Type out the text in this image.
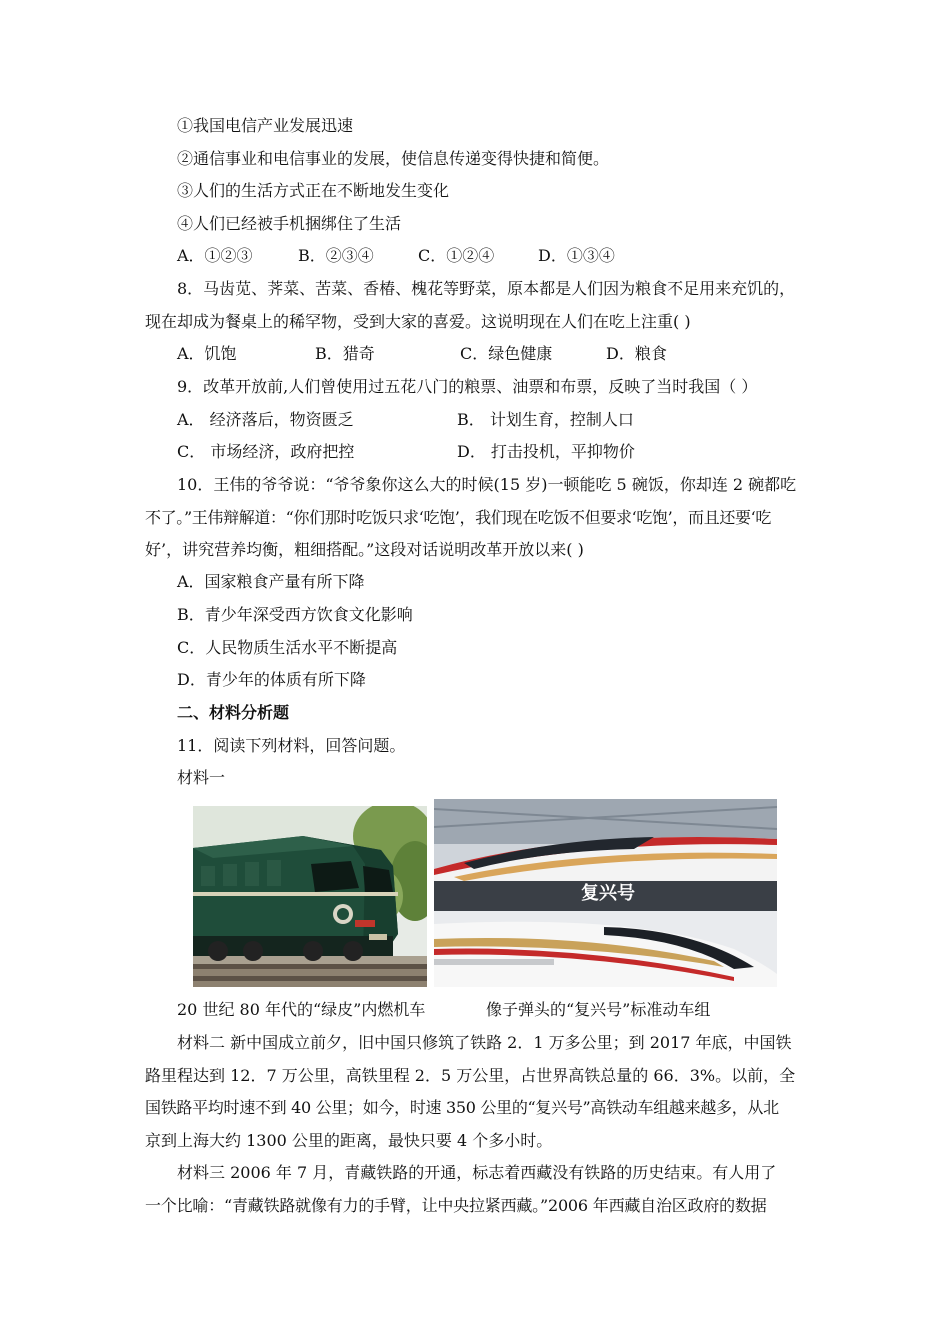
①我国电信产业发展迅速
②通信事业和电信事业的发展，使信息传递变得快捷和简便。
③人们的生活方式正在不断地发生变化
④人们已经被手机捆绑住了生活
A．①②③	B．②③④	C．①②④	D．①③④
8．马齿苋、荠菜、苦菜、香椿、槐花等野菜，原本都是人们因为粮食不足用来充饥的，
现在却成为餐桌上的稀罕物，受到大家的喜爱。这说明现在人们在吃上注重( )
A．饥饱	B．猎奇	C．绿色健康	D．粮食
9．改革开放前,人们曾使用过五花八门的粮票、油票和布票，反映了当时我国（ ）
A． 经济落后，物资匮乏	B． 计划生育，控制人口
C． 市场经济，政府把控	D． 打击投机，平抑物价
10．王伟的爷爷说：“爷爷象你这么大的时候(15 岁)一顿能吃 5 碗饭，你却连 2 碗都吃
不了。”王伟辩解道：“你们那时吃饭只求‘吃饱’，我们现在吃饭不但要求‘吃饱’，而且还要‘吃
好’，讲究营养均衡，粗细搭配。”这段对话说明改革开放以来( )
A．国家粮食产量有所下降
B．青少年深受西方饮食文化影响
C．人民物质生活水平不断提高
D．青少年的体质有所下降
二、材料分析题
11．阅读下列材料，回答问题。
材料一
复兴号
20 世纪 80 年代的“绿皮”内燃机车	像子弹头的“复兴号”标准动车组
材料二 新中国成立前夕，旧中国只修筑了铁路 2．1 万多公里；到 2017 年底，中国铁
路里程达到 12．7 万公里，高铁里程 2．5 万公里，占世界高铁总量的 66．3%。以前，全
国铁路平均时速不到 40 公里；如今，时速 350 公里的“复兴号”高铁动车组越来越多，从北
京到上海大约 1300 公里的距离，最快只要 4 个多小时。
材料三 2006 年 7 月，青藏铁路的开通，标志着西藏没有铁路的历史结束。有人用了
一个比喻：“青藏铁路就像有力的手臂，让中央拉紧西藏。”2006 年西藏自治区政府的数据
